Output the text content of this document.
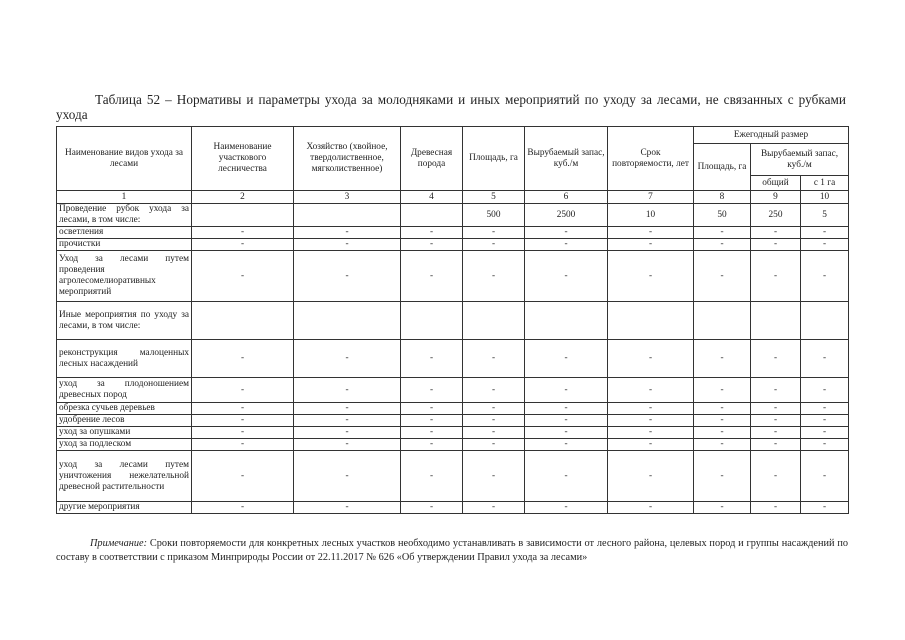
Таблица 52 – Нормативы и параметры ухода за молодняками и иных мероприятий по уходу за лесами, не связанных с рубками ухода
Наименование видов ухода за лесами	Наименование участкового лесничества	Хозяйство (хвойное, твердолиственное, мягколиственное)	Древесная порода	Площадь, га	Вырубаемый запас, куб./м	Срок повторяемости, лет	Ежегодный размер		
							Площадь, га	Вырубаемый запас, куб./м	
								общий	с 1 га
1	2	3	4	5	6	7	8	9	10
Проведение рубок ухода за лесами, в том числе:				500	2500	10	50	250	5
осветления	-	-	-	-	-	-	-	-	-
прочистки	-	-	-	-	-	-	-	-	-
Уход за лесами путем проведения агролесомелиоративных мероприятий	-	-	-	-	-	-	-	-	-
Иные мероприятия по уходу за лесами, в том числе:									
реконструкция малоценных лесных насаждений	-	-	-	-	-	-	-	-	-
уход за плодоношением древесных пород	-	-	-	-	-	-	-	-	-
обрезка сучьев деревьев	-	-	-	-	-	-	-	-	-
удобрение лесов	-	-	-	-	-	-	-	-	-
уход за опушками	-	-	-	-	-	-	-	-	-
уход за подлеском	-	-	-	-	-	-	-	-	-
уход за лесами путем уничтожения нежелательной древесной растительности	-	-	-	-	-	-	-	-	-
другие мероприятия	-	-	-	-	-	-	-	-	-
Примечание: Сроки повторяемости для конкретных лесных участков необходимо устанавливать в зависимости от лесного района, целевых пород и группы насаждений по составу в соответствии с приказом Минприроды России от 22.11.2017 № 626 «Об утверждении Правил ухода за лесами»
